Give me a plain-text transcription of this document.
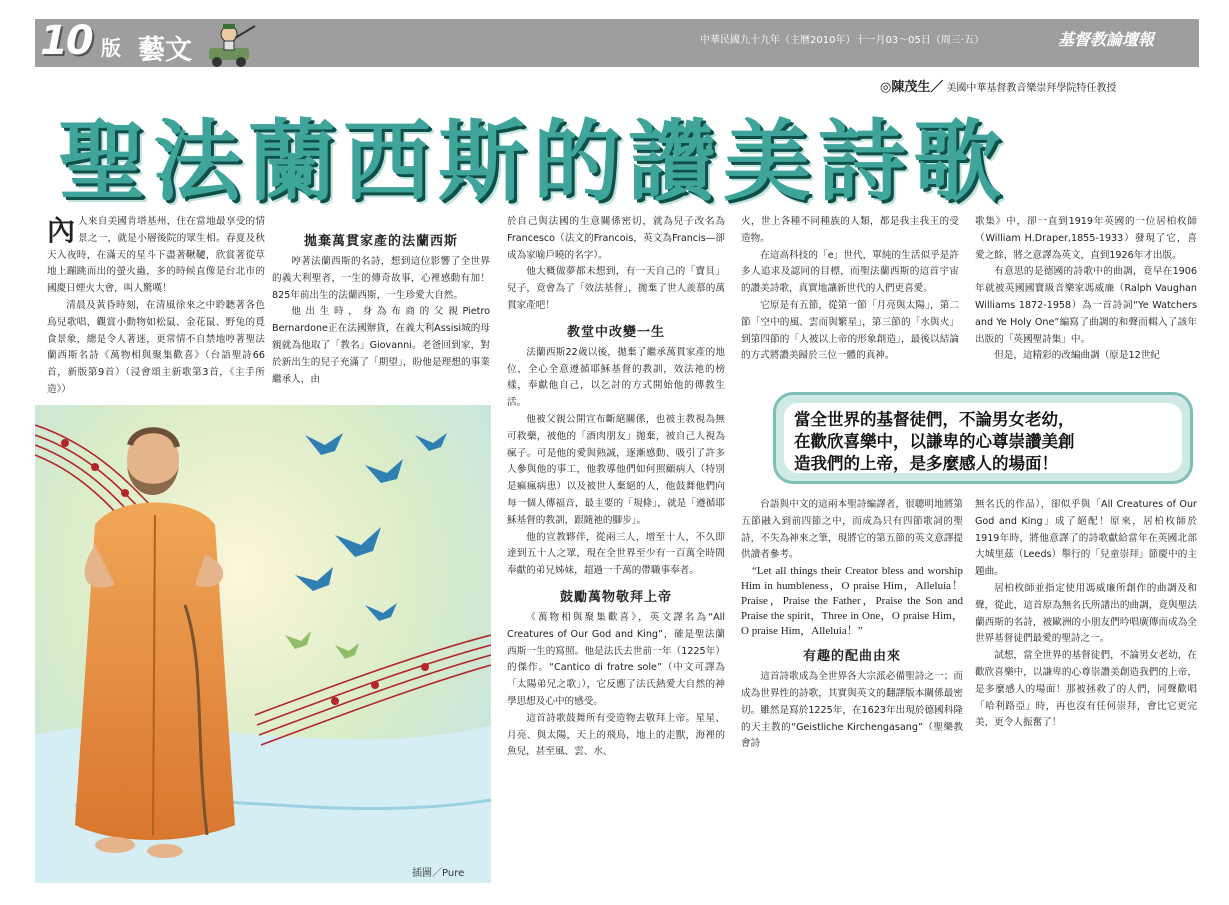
10 版 藝文	中華民國九十九年（主曆2010年）十一月03～05日（周三‧五）	基督教論壇報
◎陳茂生／ 美國中華基督教音樂崇拜學院特任教授
聖法蘭西斯的讚美詩歌

內人來自美國肯塔基州，住在當地最享受的情景之一，就是小層後院的眾生相。春夏及秋天入夜時，在滿天的星斗下盡著鞦韆，欣賞著從草地上蹦跳而出的螢火蟲，多的時候直像是台北市的國慶日煙火大會，叫人驚嘆！

清晨及黃昏時刻，在清風徐來之中聆聽著各色鳥兒歌唱，觀賞小動物如松鼠、金花鼠、野兔的覓食景象，總是令人著迷，更常情不自禁地哼著聖法蘭西斯名詩《萬物相與聚集歡喜》（台語聖詩66首，新版第9首）（浸會頌主新歌第3首，《主手所造》）

拋棄萬貫家產的法蘭西斯

哼著法蘭西斯的名詩，想到這位影響了全世界的義大利聖者，一生的傳奇故事，心裡感動有加！825年前出生的法蘭西斯，一生珍愛大自然。

他出生時，身為布商的父親Pietro Bernardone正在法國辦貨，在義大利Assisi城的母親就為他取了「教名」Giovanni。老爸回到家，對於新出生的兒子充滿了「期望」，盼他是理想的事業繼承人，由

插圖／Pure

於自己與法國的生意關係密切，就為兒子改名為Francesco（法文的Francois，英文為Francis—卻成為家喻戶曉的名字）。

他大概做夢都未想到，有一天自己的「寶貝」兒子，竟會為了「效法基督」，拋棄了世人羨慕的萬貫家產吧！

教堂中改變一生

法蘭西斯22歲以後，拋棄了繼承萬貫家產的地位，全心全意遵循耶穌基督的教訓，效法祂的榜樣，奉獻他自己，以乞討的方式開始他的傳教生活。

他被父親公開宣布斷絕關係，也被主教視為無可救藥，被他的「酒肉朋友」拋棄，被自己人視為瘋子。可是他的愛與熱誠，逐漸感動、吸引了許多人參與他的事工，他教導他們如何照顧病人（特別是痲瘋病患）以及被世人棄絕的人，他鼓舞他們向每一個人傳福音，最主要的「規條」，就是「遵循耶穌基督的教訓，跟隨祂的腳步」。

他的宣教夥伴，從兩三人，增至十人，不久即達到五十人之眾，現在全世界至少有一百萬全時間奉獻的弟兄姊妹，超過一千萬的帶職事奉者。

鼓勵萬物敬拜上帝

《萬物相與聚集歡喜》，英文譯名為“All Creatures of Our God and King”，確是聖法蘭西斯一生的寫照。他是法氏去世前一年（1225年）的傑作。“Cantico di fratre sole”（中文可譯為「太陽弟兄之歌」），它反應了法氏熱愛大自然的神學思想及心中的感受。

這首詩歌鼓舞所有受造物去敬拜上帝。星星、月亮、與太陽，天上的飛鳥，地上的走獸，海裡的魚兒，甚至風、雲、水、

火，世上各種不同種族的人類，都是我主我王的受造物。

在這高科技的「e」世代，單純的生活似乎是許多人追求及認同的目標，而聖法蘭西斯的這首宇宙的讚美詩歌，真實地讓新世代的人們更喜愛。

它原是有五節，從第一節「月亮與太陽」，第二節「空中的風、雲而與繁星」，第三節的「水與火」到第四節的「人被以上帝的形象創造」，最後以結論的方式將讚美歸於三位一體的真神。

歌集》中，卻一直到1919年英國的一位居柏枚師（William H.Draper,1855-1933）發現了它，喜愛之餘，將之意譯為英文，直到1926年才出版。

有意思的是德國的詩歌中的曲調，竟早在1906年就被英國國寶級音樂家馮威廉（Ralph Vaughan Williams 1872-1958）為一首詩詞“Ye Watchers and Ye Holy One”編寫了曲調的和聲而輯入了該年出版的「英國聖詩集」中。

但是，這精彩的改編曲調（原是12世紀

當全世界的基督徒們，不論男女老幼，
在歡欣喜樂中，以謙卑的心尊崇讚美創
造我們的上帝，是多麼感人的場面！

台語與中文的這兩本聖詩編譯者，很聰明地將第五節融入到前四節之中，而成為只有四節歌詞的聖詩，不失為神來之筆，現將它的第五節的英文意譯提供讀者參考。

“Let all things their Creator bless and worship Him in humbleness，O praise Him，Alleluia！Praise，Praise the Father，Praise the Son and Praise the spirit，Three in One，O praise Him，O praise Him，Alleluia！”

有趣的配曲由來

這首詩歌成為全世界各大宗派必備聖詩之一；而成為世界性的詩歌，其實與英文的翻譯版本關係最密切。雖然是寫於1225年，在1623年出現於德國科隆的天主教的“Geistliche Kirchengasang”（聖樂教會詩

無名氏的作品），卻似乎與「All Creatures of Our God and King」成了絕配！原來，居柏枚師於1919年時，將他意譯了的詩歌獻給當年在英國北部大城里茲（Leeds）舉行的「兒童崇拜」節慶中的主題曲。

居柏枚師並指定使用馮威廉所創作的曲調及和聲，從此，這首原為無名氏所譜出的曲調，竟與聖法蘭西斯的名詩，被歐洲的小朋友們吟唱廣傳而成為全世界基督徒們最愛的聖詩之一。

試想，當全世界的基督徒們，不論男女老幼，在歡欣喜樂中，以謙卑的心尊崇讚美創造我們的上帝，是多麼感人的場面！那被拯救了的人們，同聲歡唱「哈利路亞」時，再也沒有任何崇拜，會比它更完美，更令人振奮了！
